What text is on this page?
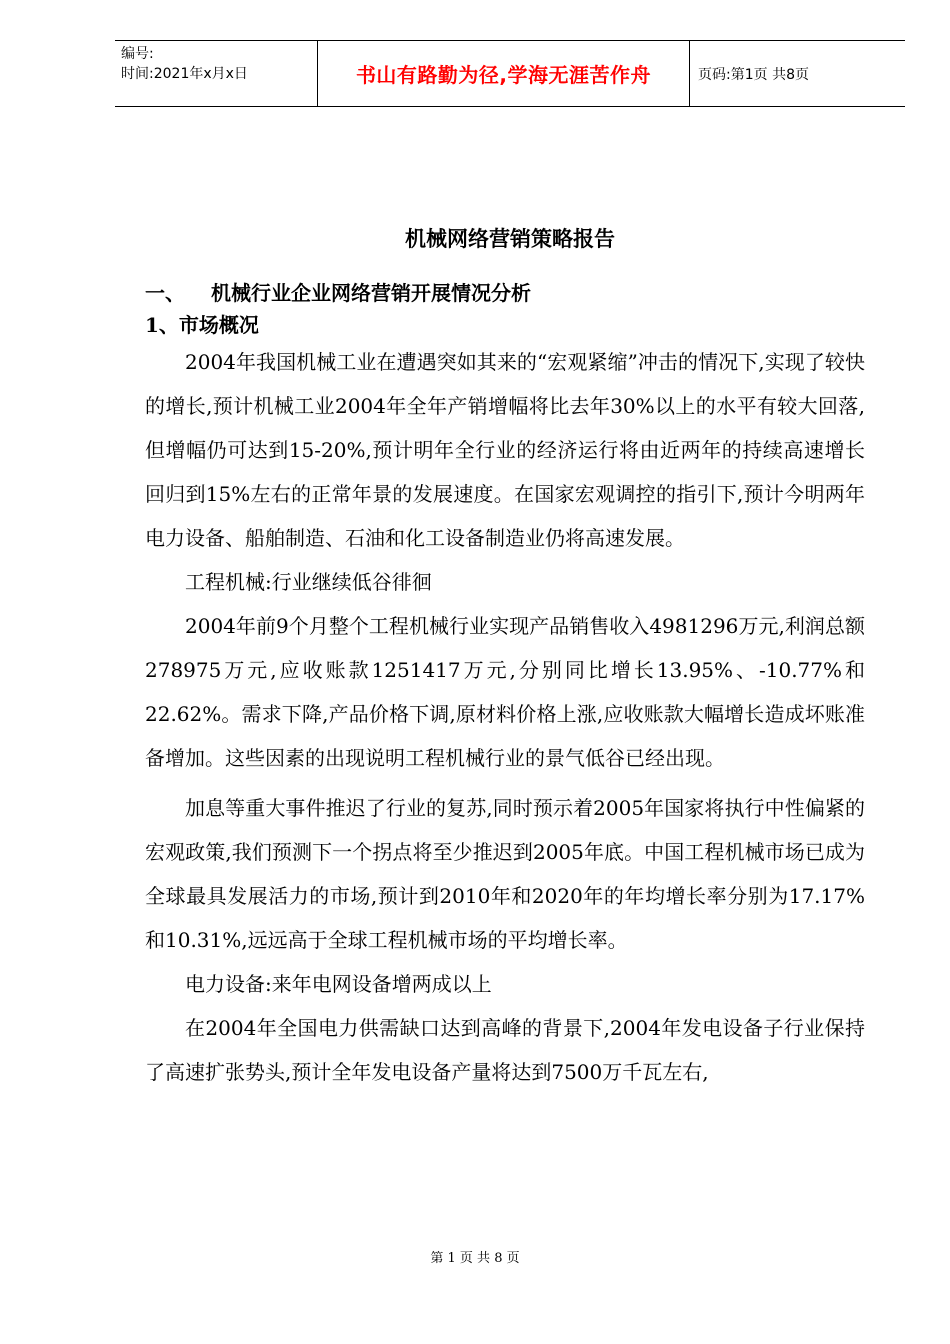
编号:
时间:2021年x月x日	书山有路勤为径,学海无涯苦作舟	页码:第1页 共8页
机械网络营销策略报告
一、	机械行业企业网络营销开展情况分析
1、市场概况

2004年我国机械工业在遭遇突如其来的“宏观紧缩”冲击的情况下,实现了较快的增长,预计机械工业2004年全年产销增幅将比去年30%以上的水平有较大回落,但增幅仍可达到15-20%,预计明年全行业的经济运行将由近两年的持续高速增长回归到15%左右的正常年景的发展速度。在国家宏观调控的指引下,预计今明两年电力设备、船舶制造、石油和化工设备制造业仍将高速发展。

工程机械:行业继续低谷徘徊

2004年前9个月整个工程机械行业实现产品销售收入4981296万元,利润总额278975万元,应收账款1251417万元,分别同比增长13.95%、-10.77%和22.62%。需求下降,产品价格下调,原材料价格上涨,应收账款大幅增长造成坏账准备增加。这些因素的出现说明工程机械行业的景气低谷已经出现。

加息等重大事件推迟了行业的复苏,同时预示着2005年国家将执行中性偏紧的宏观政策,我们预测下一个拐点将至少推迟到2005年底。中国工程机械市场已成为全球最具发展活力的市场,预计到2010年和2020年的年均增长率分别为17.17%和10.31%,远远高于全球工程机械市场的平均增长率。

电力设备:来年电网设备增两成以上

在2004年全国电力供需缺口达到高峰的背景下,2004年发电设备子行业保持了高速扩张势头,预计全年发电设备产量将达到7500万千瓦左右,

第 1 页 共 8 页
